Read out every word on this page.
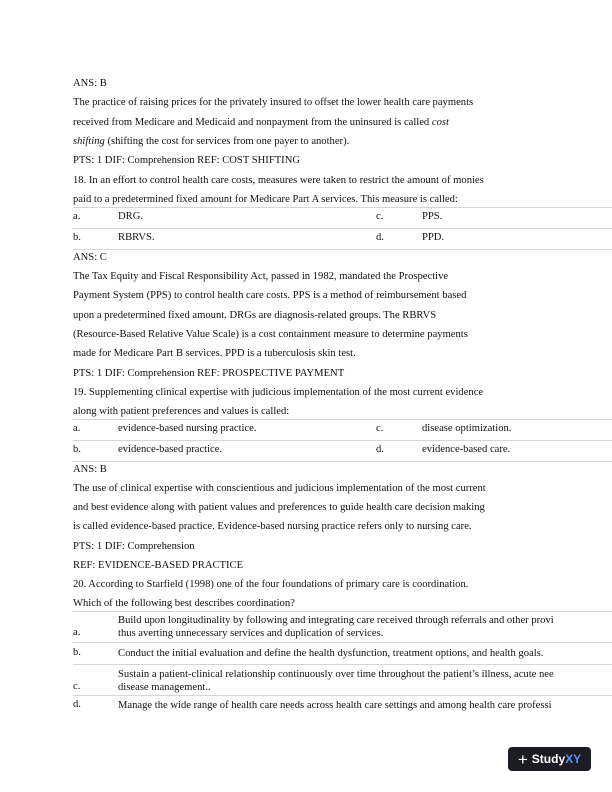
ANS: B
The practice of raising prices for the privately insured to offset the lower health care payments
received from Medicare and Medicaid and nonpayment from the uninsured is called cost
shifting (shifting the cost for services from one payer to another).
PTS: 1 DIF: Comprehension REF: COST SHIFTING
18. In an effort to control health care costs, measures were taken to restrict the amount of monies
paid to a predetermined fixed amount for Medicare Part A services. This measure is called:
a.	DRG.	c.	PPS.
b.	RBRVS.	d.	PPD.
ANS: C
The Tax Equity and Fiscal Responsibility Act, passed in 1982, mandated the Prospective
Payment System (PPS) to control health care costs. PPS is a method of reimbursement based
upon a predetermined fixed amount. DRGs are diagnosis-related groups. The RBRVS
(Resource-Based Relative Value Scale) is a cost containment measure to determine payments
made for Medicare Part B services. PPD is a tuberculosis skin test.
PTS: 1 DIF: Comprehension REF: PROSPECTIVE PAYMENT
19. Supplementing clinical expertise with judicious implementation of the most current evidence
along with patient preferences and values is called:
a.	evidence-based nursing practice.	c.	disease optimization.
b.	evidence-based practice.	d.	evidence-based care.
ANS: B
The use of clinical expertise with conscientious and judicious implementation of the most current
and best evidence along with patient values and preferences to guide health care decision making
is called evidence-based practice. Evidence-based nursing practice refers only to nursing care.
PTS: 1 DIF: Comprehension
REF: EVIDENCE-BASED PRACTICE
20. According to Starfield (1998) one of the four foundations of primary care is coordination.
Which of the following best describes coordination?
a.
Build upon longitudinality by following and integrating care received through referrals and other provi
thus averting unnecessary services and duplication of services.
b.	Conduct the initial evaluation and define the health dysfunction, treatment options, and health goals.
c.
Sustain a patient-clinical relationship continuously over time throughout the patient’s illness, acute nee
disease management..
d.	Manage the wide range of health care needs across health care settings and among health care professi
+ StudyXY
